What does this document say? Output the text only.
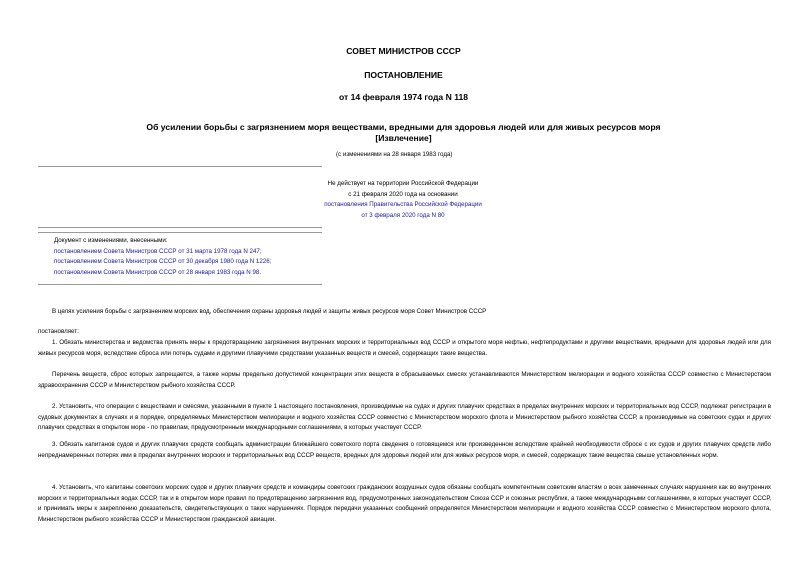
СОВЕТ МИНИСТРОВ СССР
ПОСТАНОВЛЕНИЕ
от 14 февраля 1974 года N 118
Об усилении борьбы с загрязнением моря веществами, вредными для здоровья людей или для живых ресурсов моря
[Извлечение]
(с изменениями на 28 января 1983 года)
Не действует на территории Российской Федерации
с 21 февраля 2020 года на основании
постановления Правительства Российской Федерации
от 3 февраля 2020 года N 80
Документ с изменениями, внесенными:
постановлением Совета Министров СССР от 31 марта 1978 года N 247;
постановлением Совета Министров СССР от 30 декабря 1980 года N 1226;
постановлением Совета Министров СССР от 28 января 1983 года N 98.
В целях усиления борьбы с загрязнением морских вод, обеспечения охраны здоровья людей и защиты живых ресурсов моря Совет Министров СССР
постановляет:
1. Обязать министерства и ведомства принять меры к предотвращению загрязнения внутренних морских и территориальных вод СССР и открытого моря нефтью, нефтепродуктами и другими веществами, вредными для здоровья людей или для живых ресурсов моря, вследствие сброса или потерь судами и другими плавучими средствами указанных веществ и смесей, содержащих такие вещества.
Перечень веществ, сброс которых запрещается, а также нормы предельно допустимой концентрации этих веществ в сбрасываемых смесях устанавливаются Министерством мелиорации и водного хозяйства СССР совместно с Министерством здравоохранения СССР и Министерством рыбного хозяйства СССР.
2. Установить, что операции с веществами и смесями, указанными в пункте 1 настоящего постановления, производимые на судах и других плавучих средствах в пределах внутренних морских и территориальных вод СССР, подлежат регистрации в судовых документах в случаях и в порядке, определяемых Министерством мелиорации и водного хозяйства СССР совместно с Министерством морского флота и Министерством рыбного хозяйства СССР, а производимые на советских судах и других плавучих средствах в открытом море - по правилам, предусмотренным международными соглашениями, в которых участвует СССР.
3. Обязать капитанов судов и других плавучих средств сообщать администрации ближайшего советского порта сведения о готовящемся или произведенном вследствие крайней необходимости сбросе с их судов и других плавучих средств либо непреднамеренных потерях ими в пределах внутренних морских и территориальных вод СССР веществ, вредных для здоровья людей или для живых ресурсов моря, и смесей, содержащих такие вещества свыше установленных норм.
4. Установить, что капитаны советских морских судов и других плавучих средств и командиры советских гражданских воздушных судов обязаны сообщать компетентным советским властям о всех замеченных случаях нарушения как во внутренних морских и территориальных водах СССР, так и в открытом море правил по предотвращению загрязнения вод, предусмотренных законодательством Союза ССР и союзных республик, а также международными соглашениями, в которых участвует СССР, и принимать меры к закреплению доказательств, свидетельствующих о таких нарушениях. Порядок передачи указанных сообщений определяется Министерством мелиорации и водного хозяйства СССР совместно с Министерством морского флота, Министерством рыбного хозяйства СССР и Министерством гражданской авиации.
